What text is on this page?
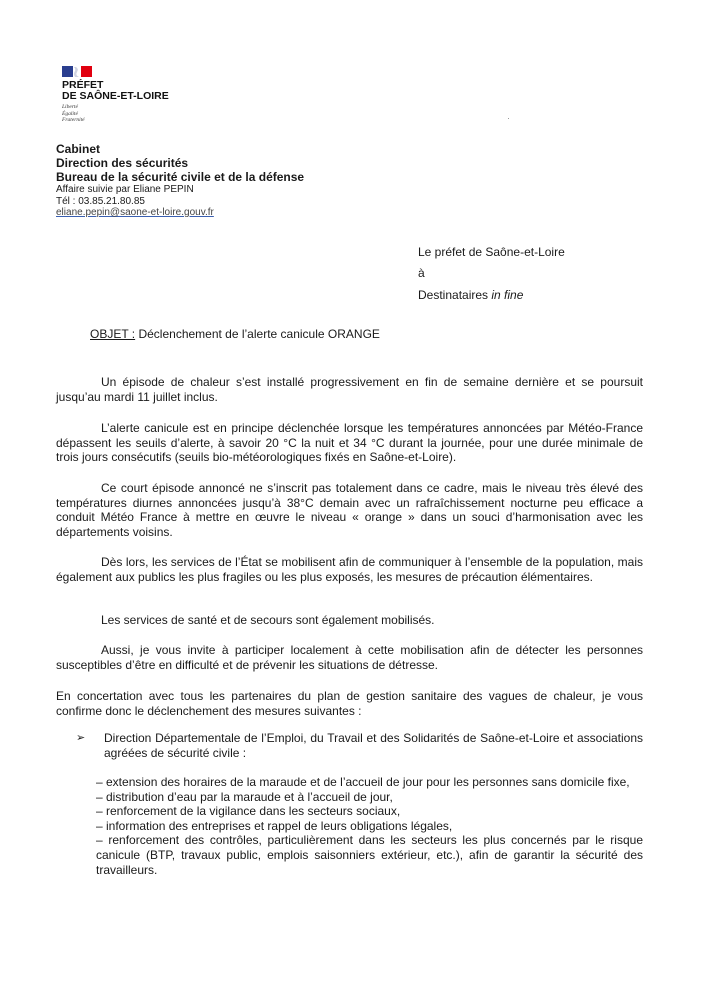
PRÉFET
DE SAÔNE-ET-LOIRE
Liberté
Égalité
Fraternité
Cabinet
Direction des sécurités
Bureau de la sécurité civile et de la défense
Affaire suivie par Eliane PEPIN
Tél : 03.85.21.80.85
eliane.pepin@saone-et-loire.gouv.fr
Le préfet de Saône-et-Loire
à
Destinataires in fine
OBJET : Déclenchement de l’alerte canicule ORANGE

Un épisode de chaleur s’est installé progressivement en fin de semaine dernière et se poursuit jusqu’au mardi 11 juillet inclus.

L’alerte canicule est en principe déclenchée lorsque les températures annoncées par Météo-France dépassent les seuils d’alerte, à savoir 20 °C la nuit et 34 °C durant la journée, pour une durée minimale de trois jours consécutifs (seuils bio-météorologiques fixés en Saône-et-Loire).

Ce court épisode annoncé ne s’inscrit pas totalement dans ce cadre, mais le niveau très élevé des températures diurnes annoncées jusqu’à 38°C demain avec un rafraîchissement nocturne peu efficace a conduit Météo France à mettre en œuvre le niveau « orange » dans un souci d’harmonisation avec les départements voisins.

Dès lors, les services de l’État se mobilisent afin de communiquer à l’ensemble de la population, mais également aux publics les plus fragiles ou les plus exposés, les mesures de précaution élémentaires.

Les services de santé et de secours sont également mobilisés.

Aussi, je vous invite à participer localement à cette mobilisation afin de détecter les personnes susceptibles d’être en difficulté et de prévenir les situations de détresse.

En concertation avec tous les partenaires du plan de gestion sanitaire des vagues de chaleur, je vous confirme donc le déclenchement des mesures suivantes :

➢ Direction Départementale de l’Emploi, du Travail et des Solidarités de Saône-et-Loire et associations agréées de sécurité civile :

– extension des horaires de la maraude et de l’accueil de jour pour les personnes sans domicile fixe,
– distribution d’eau par la maraude et à l’accueil de jour,
– renforcement de la vigilance dans les secteurs sociaux,
– information des entreprises et rappel de leurs obligations légales,
– renforcement des contrôles, particulièrement dans les secteurs les plus concernés par le risque canicule (BTP, travaux public, emplois saisonniers extérieur, etc.), afin de garantir la sécurité des travailleurs.
